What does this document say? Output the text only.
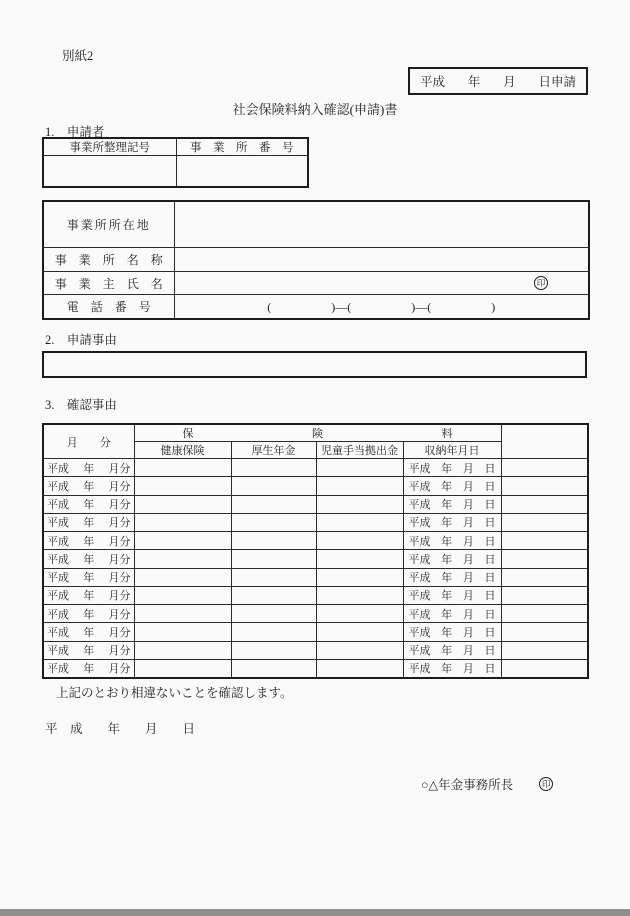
別紙2
平成 年 月 日申請
社会保険料納入確認(申請)書
1.　申請者
事業所整理記号	事　業　所　番　号

事業所所在地	
事　業　所　名　称	
事　業　主　氏　名	印

電　話　番　号	(　　　　　)―(　　　　　)―(　　　　　)
2.　申請事由
3.　確認事由
月　　分	保　険　料				
	健康保険	厚生年金	児童手当拠出金	収納年月日	

平成 年 月分				平成 年 月 日	

平成 年 月分				平成 年 月 日	

平成 年 月分				平成 年 月 日	

平成 年 月分				平成 年 月 日	

平成 年 月分				平成 年 月 日	

平成 年 月分				平成 年 月 日	

平成 年 月分				平成 年 月 日	

平成 年 月分				平成 年 月 日	

平成 年 月分				平成 年 月 日	

平成 年 月分				平成 年 月 日	

平成 年 月分				平成 年 月 日	

平成 年 月分				平成 年 月 日	

上記のとおり相違ないことを確認します。
平　成　　年　　月　　日
○△年金事務所長	印
